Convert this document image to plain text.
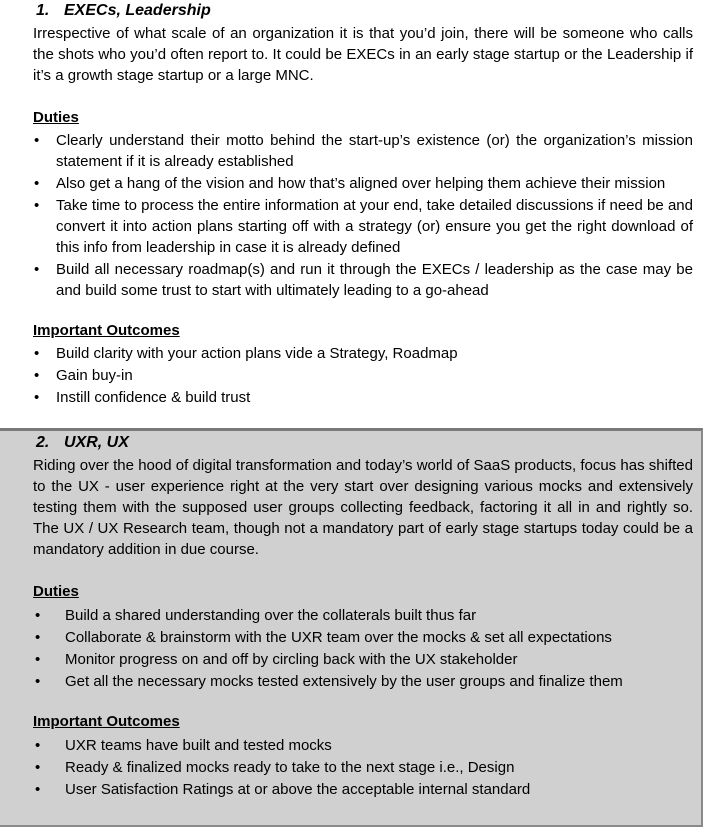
1. EXECs, Leadership
Irrespective of what scale of an organization it is that you’d join, there will be someone who calls the shots who you’d often report to. It could be EXECs in an early stage startup or the Leadership if it’s a growth stage startup or a large MNC.
Duties
• Clearly understand their motto behind the start-up’s existence (or) the organization’s mission statement if it is already established
• Also get a hang of the vision and how that’s aligned over helping them achieve their mission
• Take time to process the entire information at your end, take detailed discussions if need be and convert it into action plans starting off with a strategy (or) ensure you get the right download of this info from leadership in case it is already defined
• Build all necessary roadmap(s) and run it through the EXECs / leadership as the case may be and build some trust to start with ultimately leading to a go-ahead
Important Outcomes
• Build clarity with your action plans vide a Strategy, Roadmap
• Gain buy-in
• Instill confidence & build trust
2. UXR, UX
Riding over the hood of digital transformation and today’s world of SaaS products, focus has shifted to the UX - user experience right at the very start over designing various mocks and extensively testing them with the supposed user groups collecting feedback, factoring it all in and rightly so. The UX / UX Research team, though not a mandatory part of early stage startups today could be a mandatory addition in due course.
Duties
• Build a shared understanding over the collaterals built thus far
• Collaborate & brainstorm with the UXR team over the mocks & set all expectations
• Monitor progress on and off by circling back with the UX stakeholder
• Get all the necessary mocks tested extensively by the user groups and finalize them
Important Outcomes
• UXR teams have built and tested mocks
• Ready & finalized mocks ready to take to the next stage i.e., Design
• User Satisfaction Ratings at or above the acceptable internal standard
